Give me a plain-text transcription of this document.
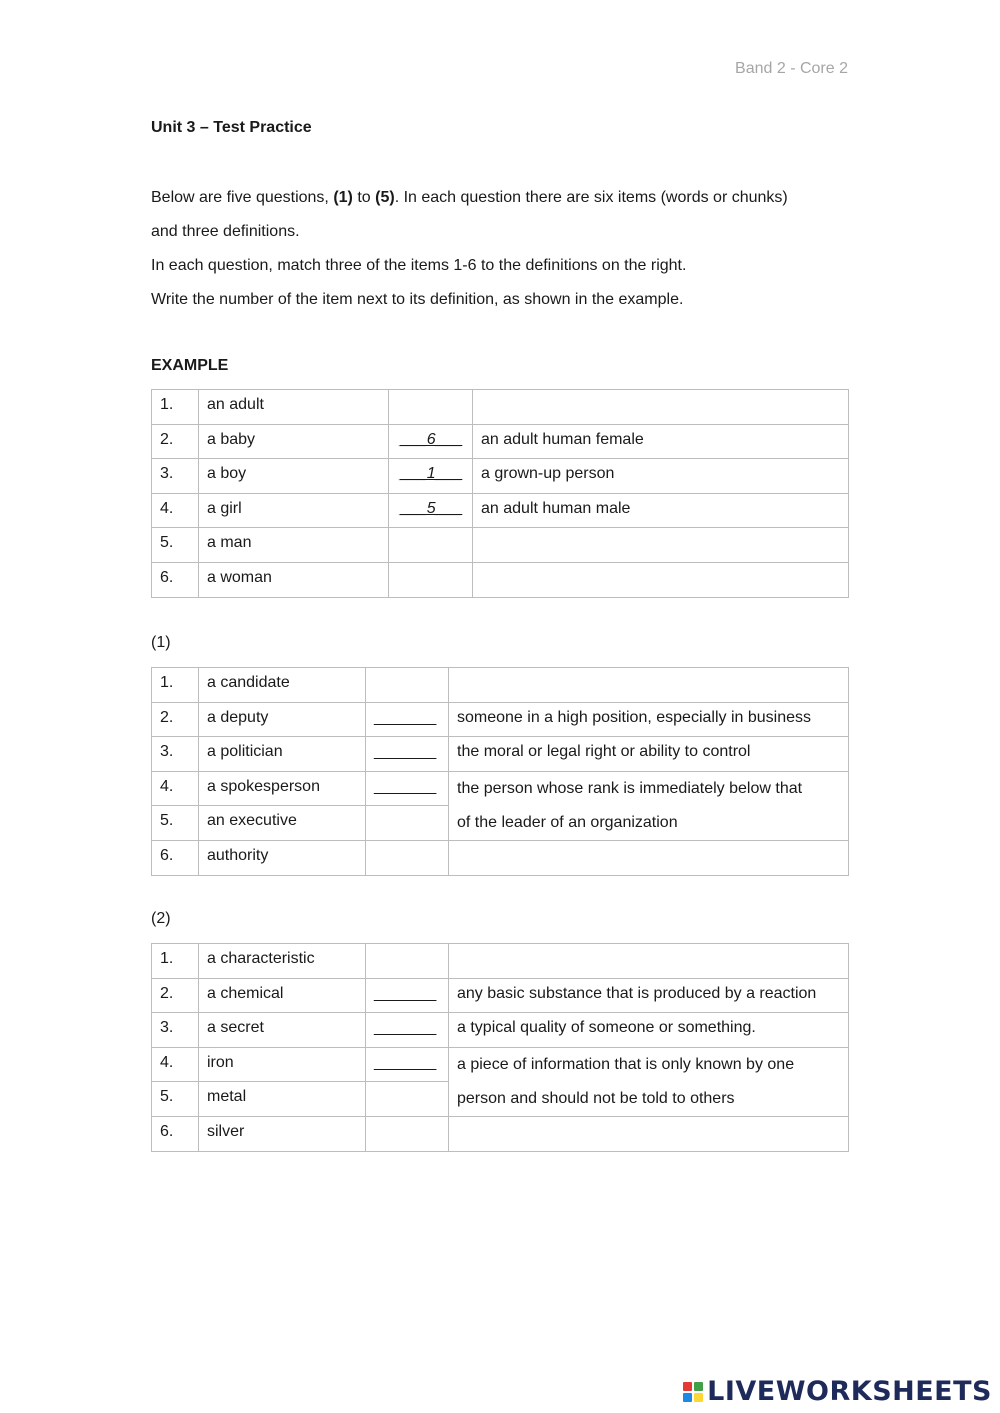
Band 2 - Core 2
Unit 3 – Test Practice

Below are five questions, (1) to (5). In each question there are six items (words or chunks)

and three definitions.

In each question, match three of the items 1-6 to the definitions on the right.

Write the number of the item next to its definition, as shown in the example.

EXAMPLE
1.	an adult		
2.	a baby	___6___	an adult human female
3.	a boy	___1___	a grown-up person
4.	a girl	___5___	an adult human male
5.	a man		
6.	a woman		
(1)
1.	a candidate		
2.	a deputy	_______	someone in a high position, especially in business
3.	a politician	_______	the moral or legal right or ability to control
4.	a spokesperson	_______	the person whose rank is immediately below that
of the leader of an organization
5.	an executive		
6.	authority		
(2)
1.	a characteristic		
2.	a chemical	_______	any basic substance that is produced by a reaction
3.	a secret	_______	a typical quality of someone or something.
4.	iron	_______	a piece of information that is only known by one
person and should not be told to others
5.	metal		
6.	silver		
LIVE WORKSHEETS
